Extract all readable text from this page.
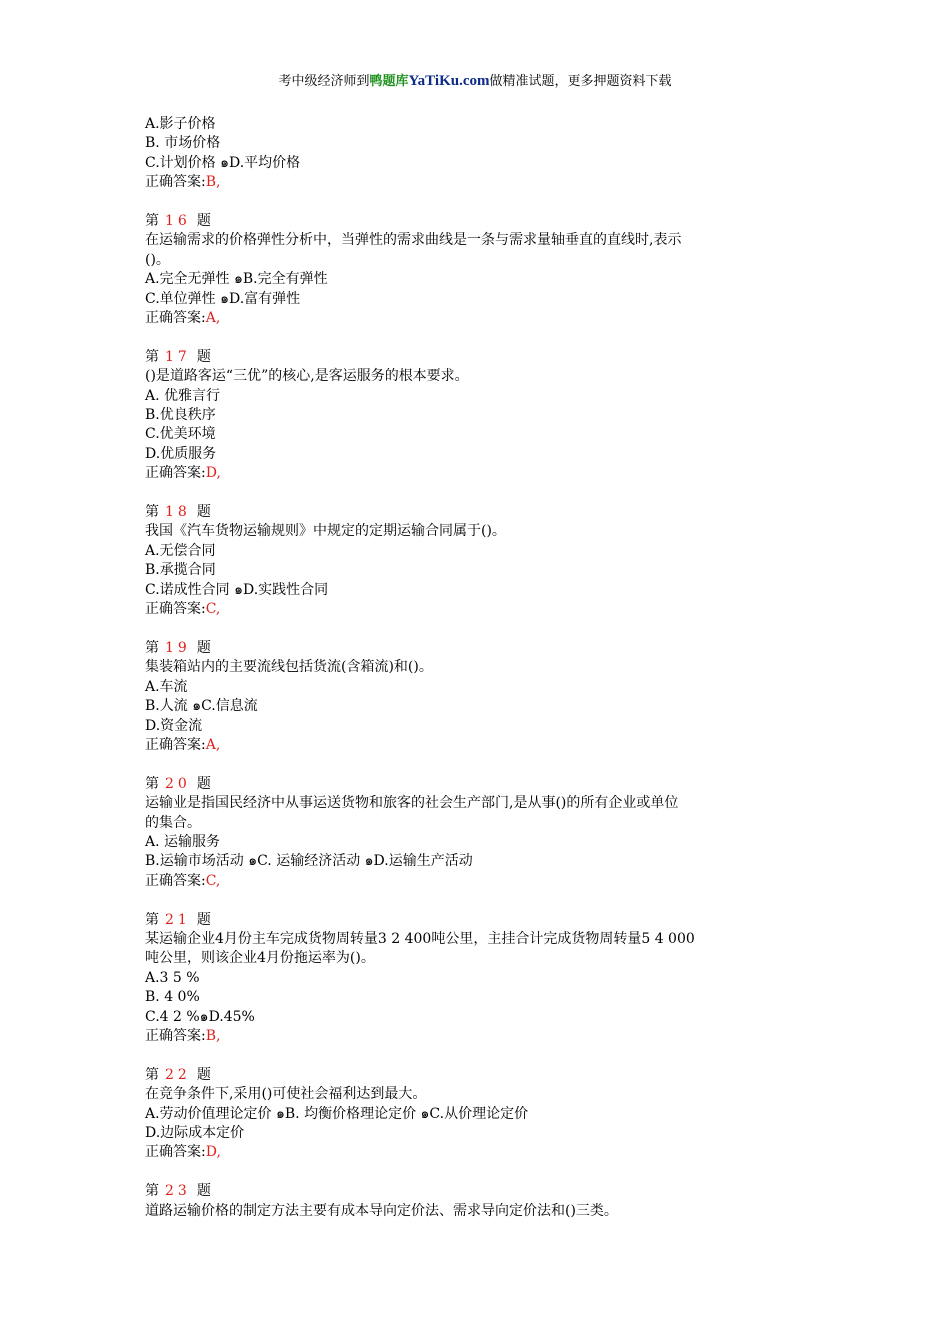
考中级经济师到鸭题库YaTiKu.com做精准试题，更多押题资料下载
A.影子价格
B. 市场价格
C.计划价格 ๑D.平均价格
正确答案:B,
第 16 题
在运输需求的价格弹性分析中，当弹性的需求曲线是一条与需求量轴垂直的直线时,表示
()。
A.完全无弹性 ๑B.完全有弹性
C.单位弹性 ๑D.富有弹性
正确答案:A,
第 17 题
()是道路客运“三优”的核心,是客运服务的根本要求。
A. 优雅言行
B.优良秩序
C.优美环境
D.优质服务
正确答案:D,
第 18 题
我国《汽车货物运输规则》中规定的定期运输合同属于()。
A.无偿合同
B.承揽合同
C.诺成性合同 ๑D.实践性合同
正确答案:C,
第 19 题
集装箱站内的主要流线包括货流(含箱流)和()。
A.车流
B.人流 ๑C.信息流
D.资金流
正确答案:A,
第 20 题
运输业是指国民经济中从事运送货物和旅客的社会生产部门,是从事()的所有企业或单位
的集合。
A. 运输服务
B.运输市场活动 ๑C. 运输经济活动 ๑D.运输生产活动
正确答案:C,
第 21 题
某运输企业4月份主车完成货物周转量3 2 400吨公里，主挂合计完成货物周转量5 4 000
吨公里，则该企业4月份拖运率为()。
A.3 5 %
B. 4 0%
C.4 2 %๑D.45%
正确答案:B,
第 22 题
在竞争条件下,采用()可使社会福利达到最大。
A.劳动价值理论定价 ๑B. 均衡价格理论定价 ๑C.从价理论定价
D.边际成本定价
正确答案:D,
第 23 题
道路运输价格的制定方法主要有成本导向定价法、需求导向定价法和()三类。
